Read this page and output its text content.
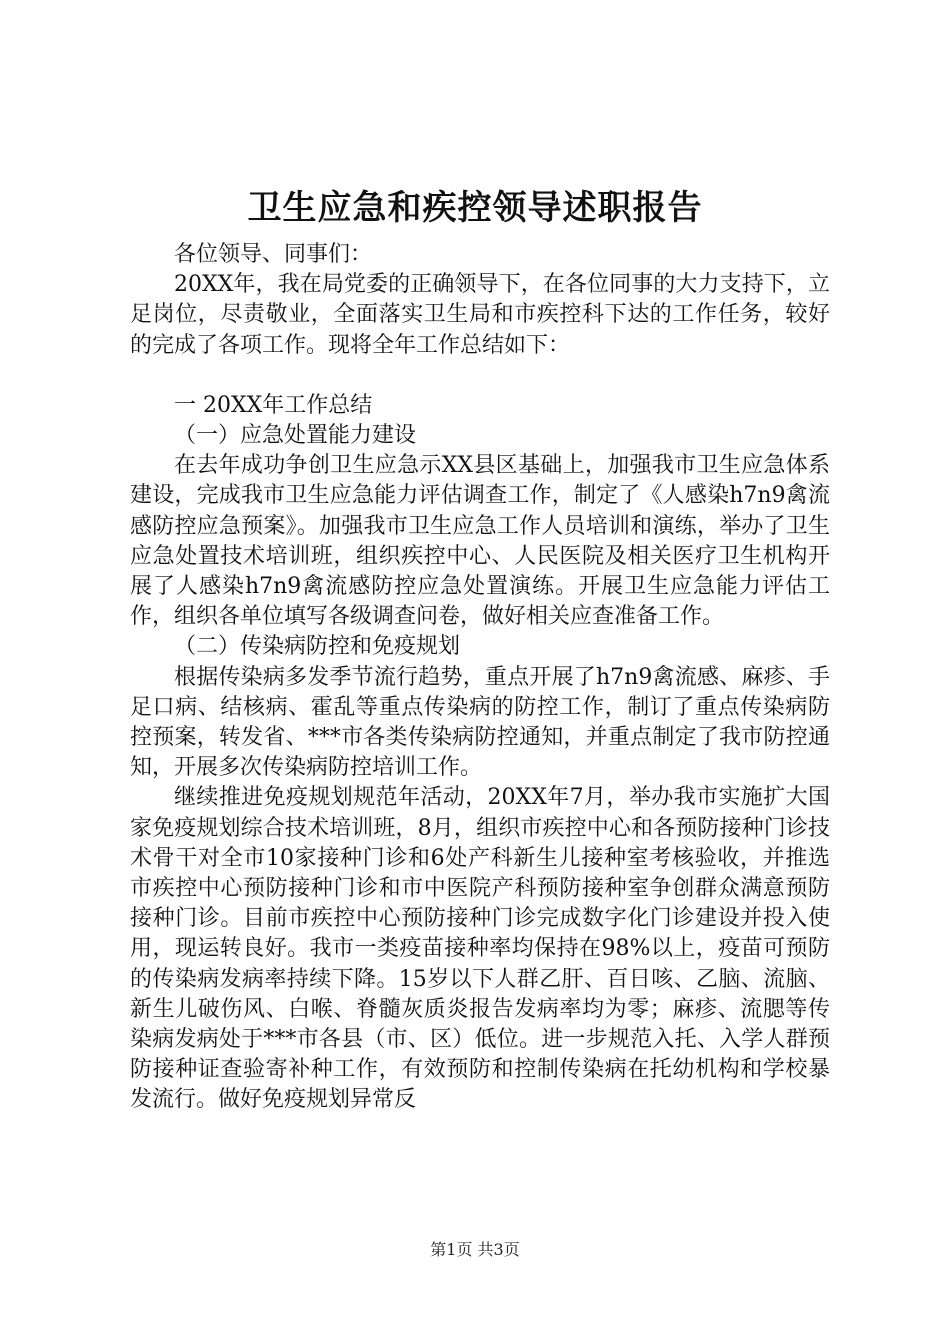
卫生应急和疾控领导述职报告

各位领导、同事们：

20XX年，我在局党委的正确领导下，在各位同事的大力支持下，立足岗位，尽责敬业，全面落实卫生局和市疾控科下达的工作任务，较好的完成了各项工作。现将全年工作总结如下：

一 20XX年工作总结

（一）应急处置能力建设

在去年成功争创卫生应急示XX县区基础上，加强我市卫生应急体系建设，完成我市卫生应急能力评估调查工作，制定了《人感染h7n9禽流感防控应急预案》。加强我市卫生应急工作人员培训和演练，举办了卫生应急处置技术培训班，组织疾控中心、人民医院及相关医疗卫生机构开展了人感染h7n9禽流感防控应急处置演练。开展卫生应急能力评估工作，组织各单位填写各级调查问卷，做好相关应查准备工作。

（二）传染病防控和免疫规划

根据传染病多发季节流行趋势，重点开展了h7n9禽流感、麻疹、手足口病、结核病、霍乱等重点传染病的防控工作，制订了重点传染病防控预案，转发省、***市各类传染病防控通知，并重点制定了我市防控通知，开展多次传染病防控培训工作。

继续推进免疫规划规范年活动，20XX年7月，举办我市实施扩大国家免疫规划综合技术培训班，8月，组织市疾控中心和各预防接种门诊技术骨干对全市10家接种门诊和6处产科新生儿接种室考核验收，并推选市疾控中心预防接种门诊和市中医院产科预防接种室争创群众满意预防接种门诊。目前市疾控中心预防接种门诊完成数字化门诊建设并投入使用，现运转良好。我市一类疫苗接种率均保持在98%以上，疫苗可预防的传染病发病率持续下降。15岁以下人群乙肝、百日咳、乙脑、流脑、新生儿破伤风、白喉、脊髓灰质炎报告发病率均为零；麻疹、流腮等传染病发病处于***市各县（市、区）低位。进一步规范入托、入学人群预防接种证查验寄补种工作，有效预防和控制传染病在托幼机构和学校暴发流行。做好免疫规划异常反

第1页 共3页
